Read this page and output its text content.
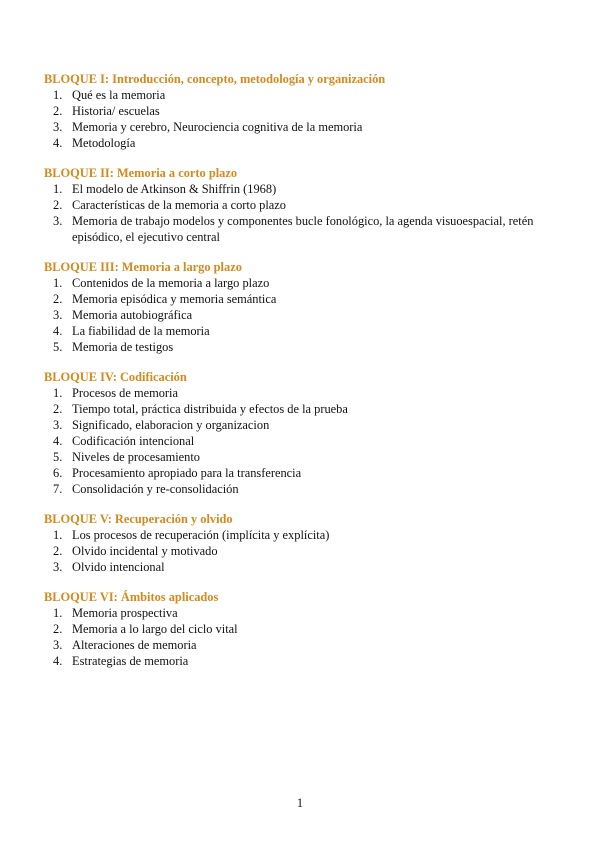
BLOQUE I: Introducción, concepto, metodología y organización
1. Qué es la memoria
2. Historia/ escuelas
3. Memoria y cerebro, Neurociencia cognitiva de la memoria
4. Metodología
BLOQUE II: Memoria a corto plazo
1. El modelo de Atkinson & Shiffrin (1968)
2. Características de la memoria a corto plazo
3. Memoria de trabajo modelos y componentes bucle fonológico, la agenda visuoespacial, retén episódico, el ejecutivo central
BLOQUE III: Memoria a largo plazo
1. Contenidos de la memoria a largo plazo
2. Memoria episódica y memoria semántica
3. Memoria autobiográfica
4. La fiabilidad de la memoria
5. Memoria de testigos
BLOQUE IV: Codificación
1. Procesos de memoria
2. Tiempo total, práctica distribuida y efectos de la prueba
3. Significado, elaboracion y organizacion
4. Codificación intencional
5. Niveles de procesamiento
6. Procesamiento apropiado para la transferencia
7. Consolidación y re-consolidación
BLOQUE V: Recuperación y olvido
1. Los procesos de recuperación (implícita y explícita)
2. Olvido incidental y motivado
3. Olvido intencional
BLOQUE VI: Ámbitos aplicados
1. Memoria prospectiva
2. Memoria a lo largo del ciclo vital
3. Alteraciones de memoria
4. Estrategias de memoria
1
